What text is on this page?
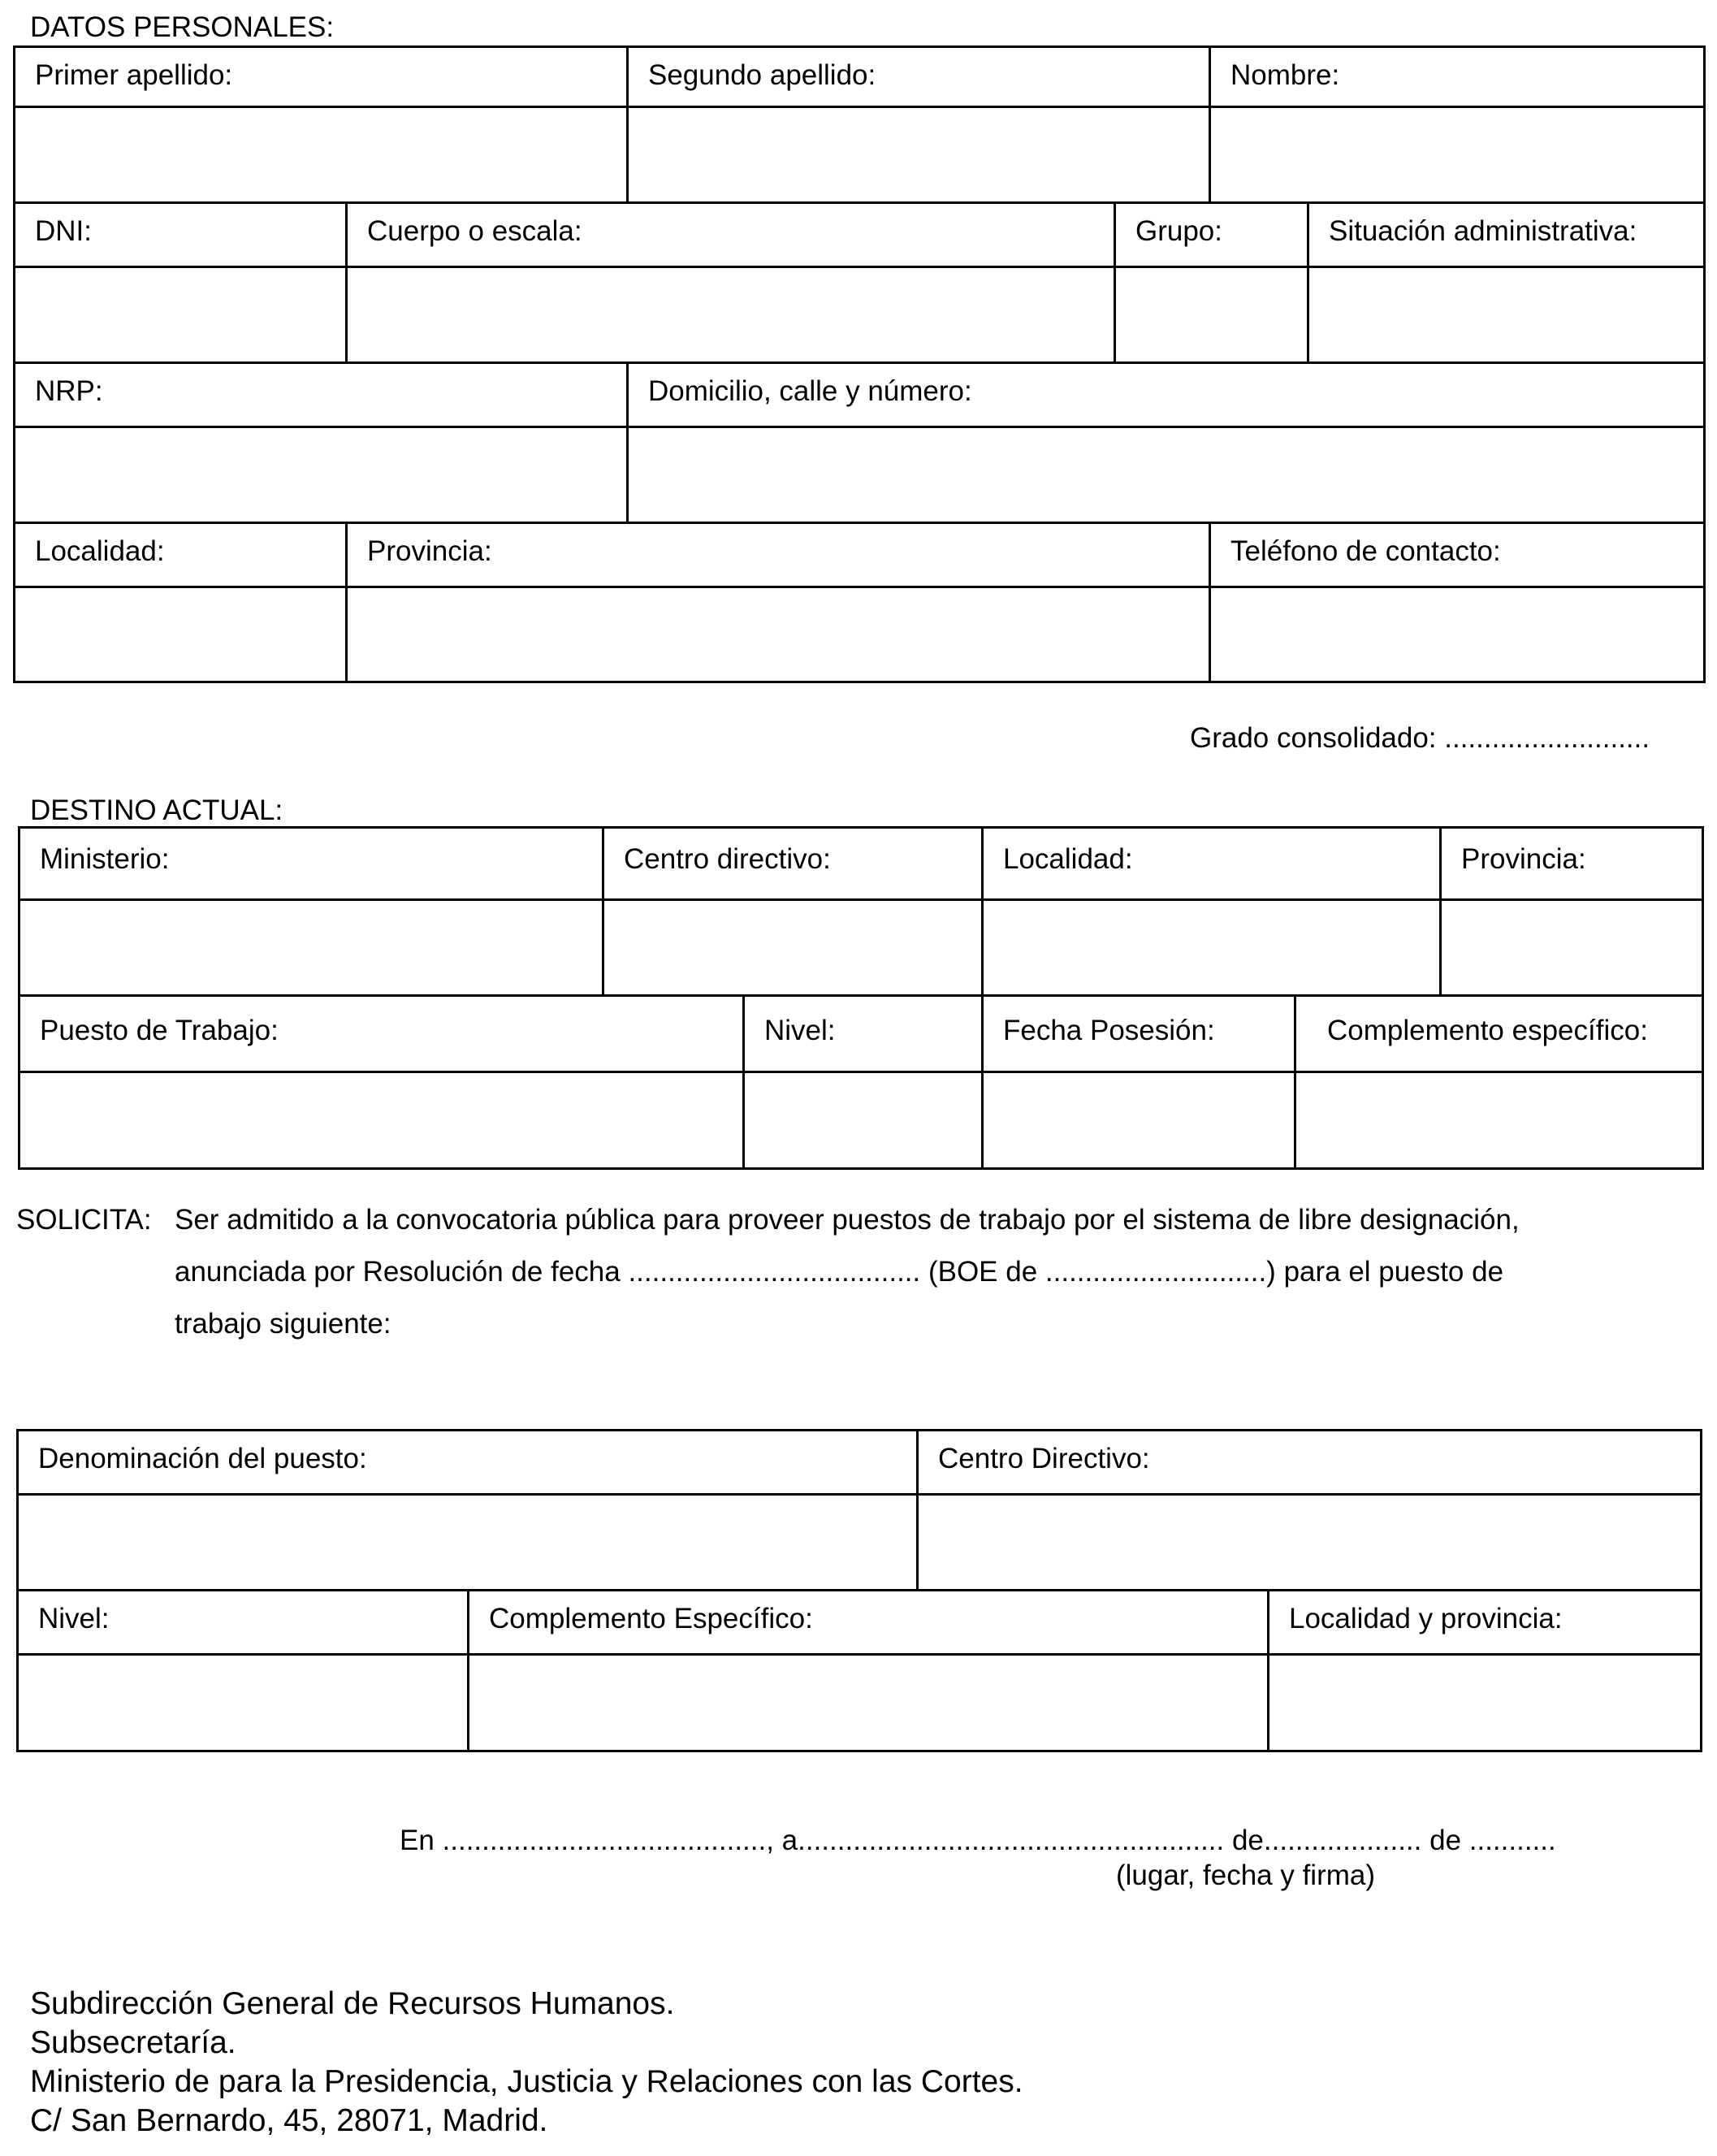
DATOS PERSONALES:
Primer apellido:	Segundo apellido:	Nombre:
DNI:	Cuerpo o escala:	Grupo:	Situación administrativa:
NRP:	Domicilio, calle y número:
Localidad:	Provincia:	Teléfono de contacto:
Grado consolidado: ..........................
DESTINO ACTUAL:
Ministerio:	Centro directivo:	Localidad:	Provincia:
Puesto de Trabajo:	Nivel:	Fecha Posesión:	Complemento específico:
SOLICITA: Ser admitido a la convocatoria pública para proveer puestos de trabajo por el sistema de libre designación,
anunciada por Resolución de fecha ..................................... (BOE de ............................) para el puesto de
trabajo siguiente:
Denominación del puesto:	Centro Directivo:
Nivel:	Complemento Específico:	Localidad y provincia:
En ........................................., a...................................................... de.................... de ...........
(lugar, fecha y firma)
Subdirección General de Recursos Humanos.
Subsecretaría.
Ministerio de para la Presidencia, Justicia y Relaciones con las Cortes.
C/ San Bernardo, 45, 28071, Madrid.
